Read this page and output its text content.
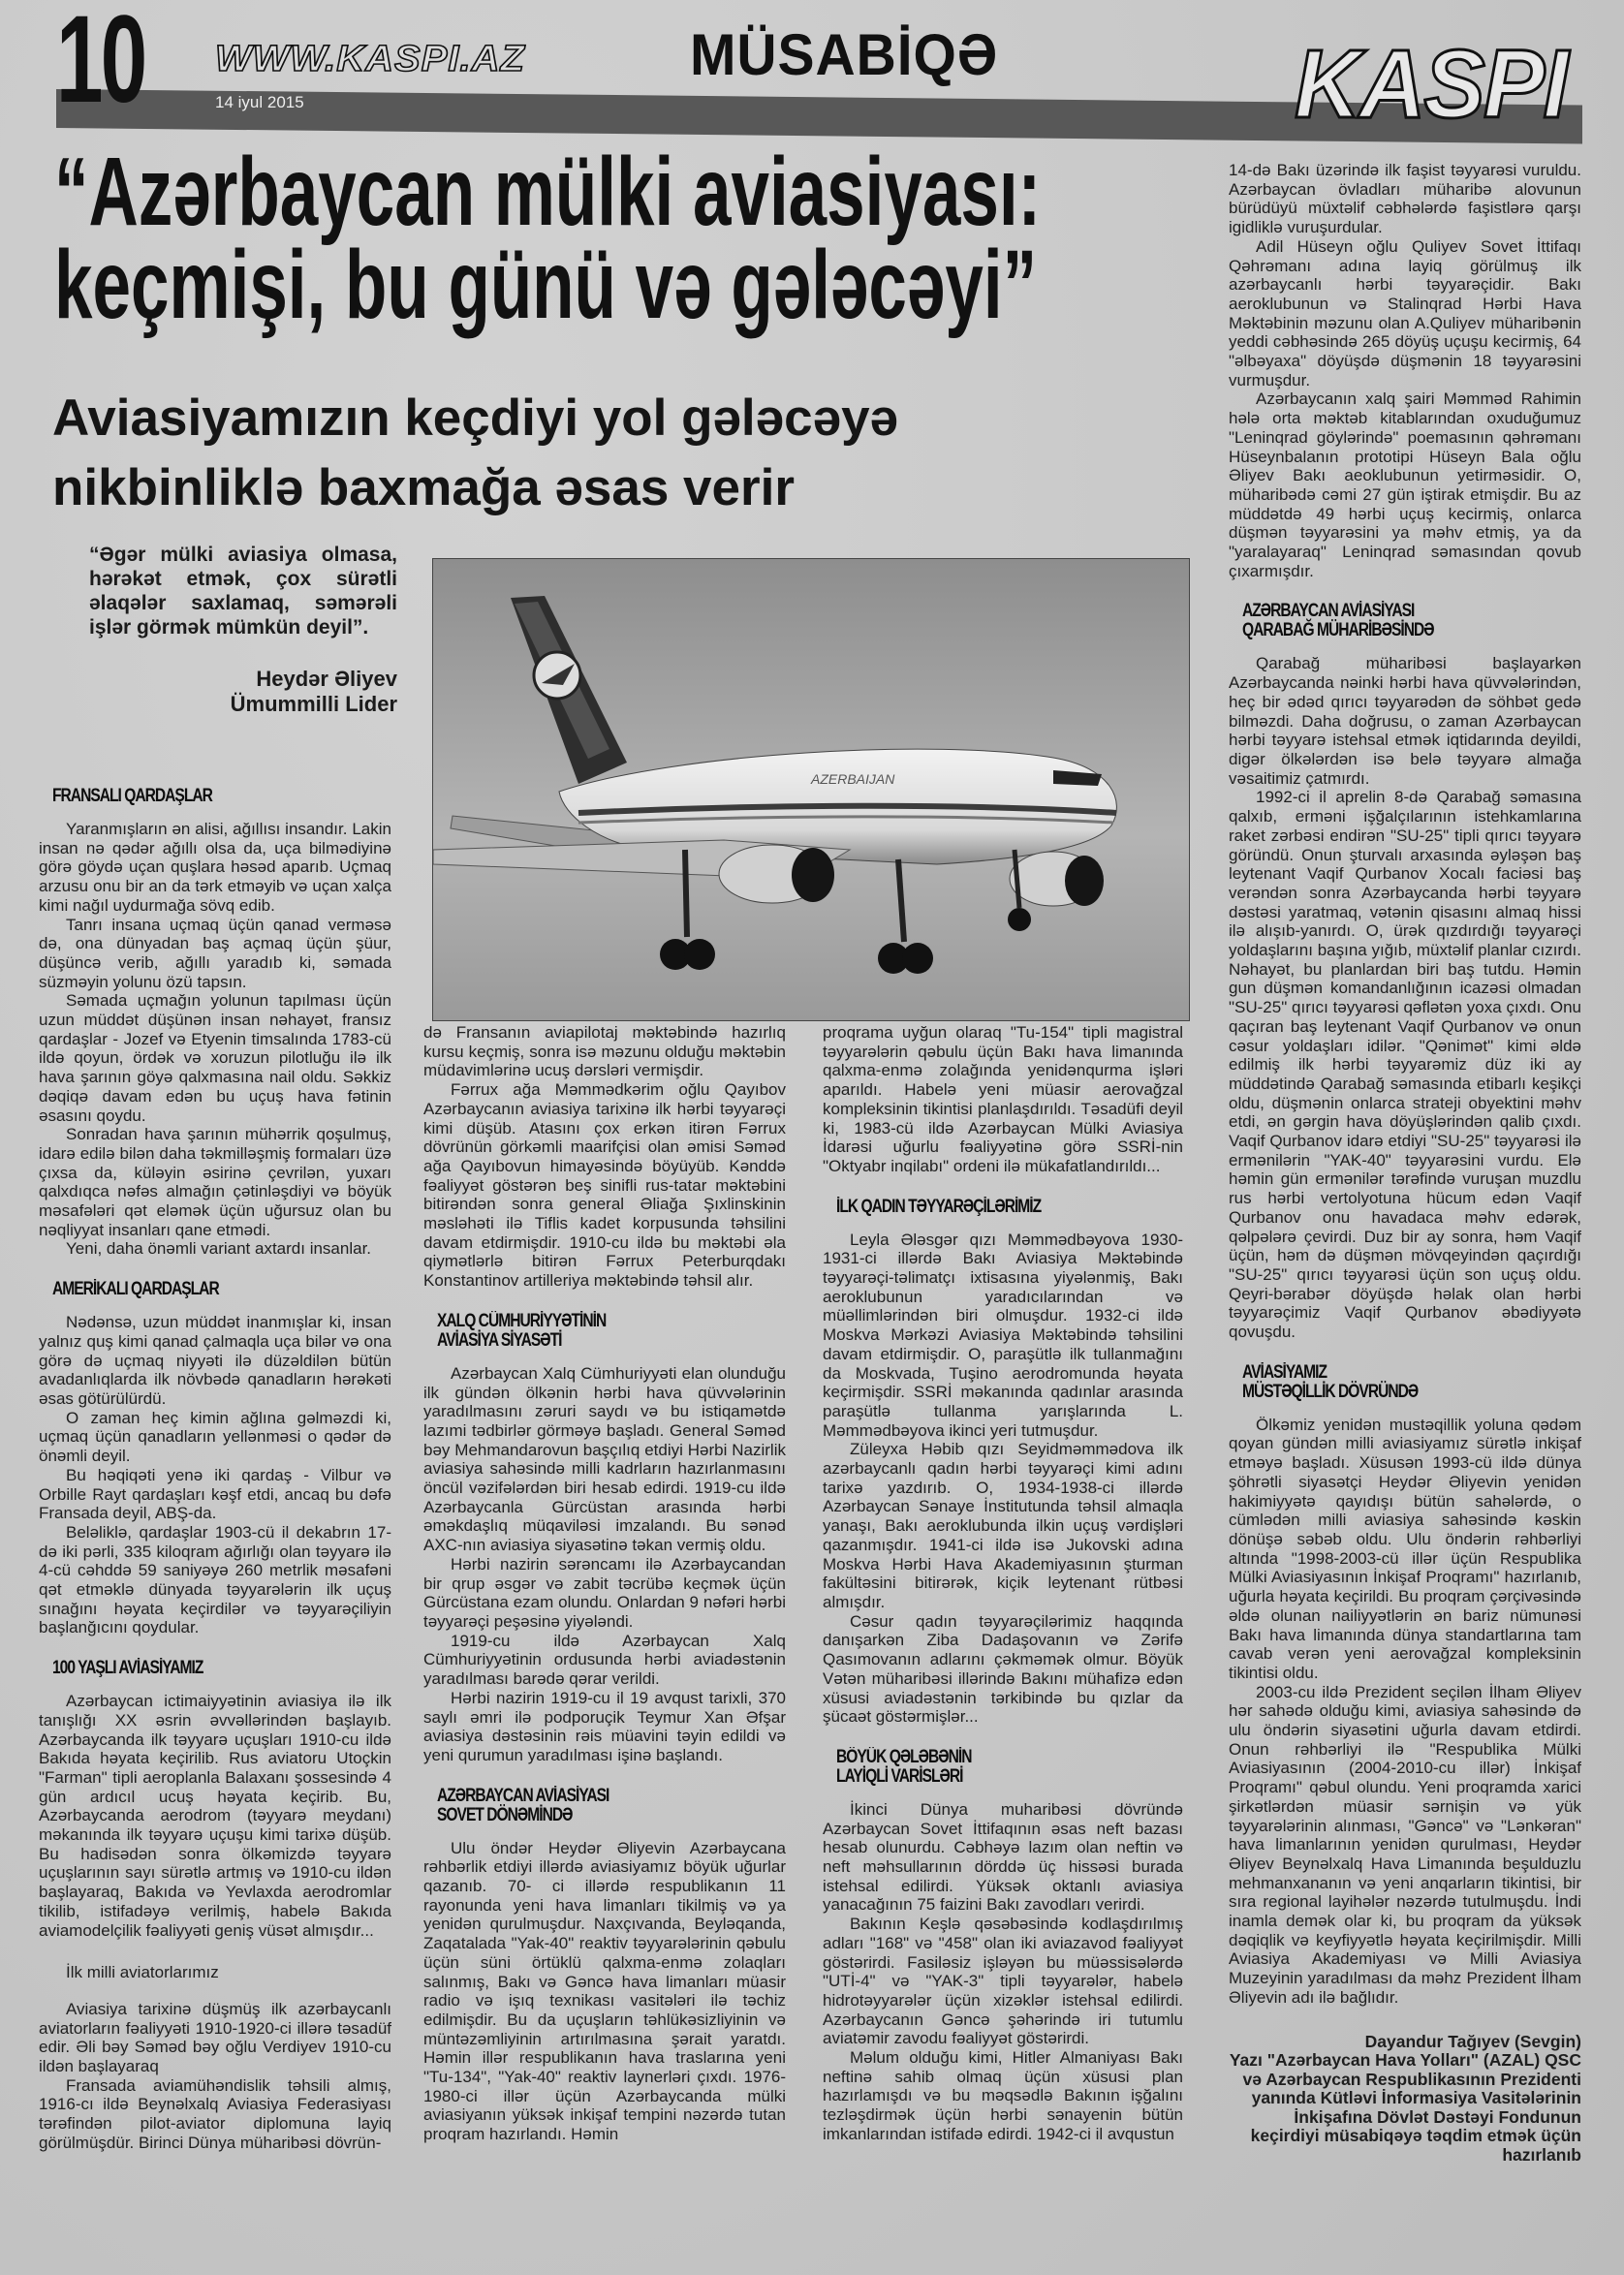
10 WWW.KASPI.AZ
14 iyul 2015
MÜSABİQƏ	KASPI
“Azərbaycan mülki aviasiyası:
keçmişi, bu günü və gələcəyi”
Aviasiyamızın keçdiyi yol gələcəyə
nikbinliklə baxmağa əsas verir
“Əgər mülki aviasiya olmasa, hərəkət etmək, çox sürətli əlaqələr saxlamaq, səmərəli işlər görmək mümkün deyil”.
Heydər Əliyev
Ümummilli Lider
AZERBAIJAN
FRANSALI QARDAŞLAR

Yaranmışların ən alisi, ağıllısı insandır. Lakin insan nə qədər ağıllı olsa da, uça bilmədiyinə görə göydə uçan quşlara həsəd aparıb. Uçmaq arzusu onu bir an da tərk etməyib və uçan xalça kimi nağıl uydurmağa sövq edib.

Tanrı insana uçmaq üçün qanad verməsə də, ona dünyadan baş açmaq üçün şüur, düşüncə verib, ağıllı yaradıb ki, səmada süzməyin yolunu özü tapsın.

Səmada uçmağın yolunun tapılması üçün uzun müddət düşünən insan nəhayət, fransız qardaşlar - Jozef və Etyenin timsalında 1783-cü ildə qoyun, ördək və xoruzun pilotluğu ilə ilk hava şarının göyə qalxmasına nail oldu. Səkkiz dəqiqə davam edən bu uçuş hava fətinin əsasını qoydu.

Sonradan hava şarının mühərrik qoşulmuş, idarə edilə bilən daha təkmilləşmiş formaları üzə çıxsa da, küləyin əsirinə çevrilən, yuxarı qalxdıqca nəfəs almağın çətinləşdiyi və böyük məsafələri qət eləmək üçün uğursuz olan bu nəqliyyat insanları qane etmədi.

Yeni, daha önəmli variant axtardı insanlar.

AMERİKALI QARDAŞLAR

Nədənsə, uzun müddət inanmışlar ki, insan yalnız quş kimi qanad çalmaqla uça bilər və ona görə də uçmaq niyyəti ilə düzəldilən bütün avadanlıqlarda ilk növbədə qanadların hərəkəti əsas götürülürdü.

O zaman heç kimin ağlına gəlməzdi ki, uçmaq üçün qanadların yellənməsi o qədər də önəmli deyil.

Bu həqiqəti yenə iki qardaş - Vilbur və Orbille Rayt qardaşları kəşf etdi, ancaq bu dəfə Fransada deyil, ABŞ-da.

Beləliklə, qardaşlar 1903-cü il dekabrın 17-də iki pərli, 335 kiloqram ağırlığı olan təyyarə ilə 4-cü cəhddə 59 saniyəyə 260 metrlik məsafəni qət etməklə dünyada təyyarələrin ilk uçuş sınağını həyata keçirdilər və təyyarəçiliyin başlanğıcını qoydular.

100 YAŞLI AVİASİYAMIZ

Azərbaycan ictimaiyyətinin aviasiya ilə ilk tanışlığı XX əsrin əvvəllərindən başlayıb. Azərbaycanda ilk təyyarə uçuşları 1910-cu ildə Bakıda həyata keçirilib. Rus aviatoru Utoçkin "Farman" tipli aeroplanla Balaxanı şossesində 4 gün ardıcıl ucuş həyata keçirib. Bu, Azərbaycanda aerodrom (təyyarə meydanı) məkanında ilk təyyarə uçuşu kimi tarixə düşüb. Bu hadisədən sonra ölkəmizdə təyyarə uçuşlarının sayı sürətlə artmış və 1910-cu ildən başlayaraq, Bakıda və Yevlaxda aerodromlar tikilib, istifadəyə verilmiş, habelə Bakıda aviamodelçilik fəaliyyəti geniş vüsət almışdır...

İlk milli aviatorlarımız

Aviasiya tarixinə düşmüş ilk azərbaycanlı aviatorların fəaliyyəti 1910-1920-ci illərə təsadüf edir. Əli bəy Səməd bəy oğlu Verdiyev 1910-cu ildən başlayaraq

Fransada aviamühəndislik təhsili almış, 1916-cı ildə Beynəlxalq Aviasiya Federasiyası tərəfindən pilot-aviator diplomuna layiq görülmüşdür. Birinci Dünya müharibəsi dövrün-

də Fransanın aviapilotaj məktəbində hazırlıq kursu keçmiş, sonra isə məzunu olduğu məktəbin müdavimlərinə ucuş dərsləri vermişdir.

Fərrux ağa Məmmədkərim oğlu Qayıbov Azərbaycanın aviasiya tarixinə ilk hərbi təyyarəçi kimi düşüb. Atasını çox erkən itirən Fərrux dövrünün görkəmli maarifçisi olan əmisi Səməd ağa Qayıbovun himayəsində böyüyüb. Kənddə fəaliyyət göstərən beş sinifli rus-tatar məktəbini bitirəndən sonra general Əliağa Şıxlinskinin məsləhəti ilə Tiflis kadet korpusunda təhsilini davam etdirmişdir. 1910-cu ildə bu məktəbi əla qiymətlərlə bitirən Fərrux Peterburqdakı Konstantinov artilleriya məktəbində təhsil alır.

XALQ CÜMHURİYYƏTİNİN
AVİASİYA SİYASƏTİ

Azərbaycan Xalq Cümhuriyyəti elan olunduğu ilk gündən ölkənin hərbi hava qüvvələrinin yaradılmasını zəruri saydı və bu istiqamətdə lazımi tədbirlər görməyə başladı. General Səməd bəy Mehmandarovun başçılıq etdiyi Hərbi Nazirlik aviasiya sahəsində milli kadrların hazırlanmasını öncül vəzifələrdən biri hesab edirdi. 1919-cu ildə Azərbaycanla Gürcüstan arasında hərbi əməkdaşlıq müqaviləsi imzalandı. Bu sənəd AXC-nın aviasiya siyasətinə təkan vermiş oldu.

Hərbi nazirin sərəncamı ilə Azərbaycandan bir qrup əsgər və zabit təcrübə keçmək üçün Gürcüstana ezam olundu. Onlardan 9 nəfəri hərbi təyyarəçi peşəsinə yiyələndi.

1919-cu ildə Azərbaycan Xalq Cümhuriyyətinin ordusunda hərbi aviadəstənin yaradılması barədə qərar verildi.

Hərbi nazirin 1919-cu il 19 avqust tarixli, 370 saylı əmri ilə podporuçik Teymur Xan Əfşar aviasiya dəstəsinin rəis müavini təyin edildi və yeni qurumun yaradılması işinə başlandı.

AZƏRBAYCAN AVİASİYASI
SOVET DÖNƏMİNDƏ

Ulu öndər Heydər Əliyevin Azərbaycana rəhbərlik etdiyi illərdə aviasiyamız böyük uğurlar qazanıb. 70- ci illərdə respublikanın 11 rayonunda yeni hava limanları tikilmiş və ya yenidən qurulmuşdur. Naxçıvanda, Beyləqanda, Zaqatalada "Yak-40" reaktiv təyyarələrinin qəbulu üçün süni örtüklü qalxma-enmə zolaqları salınmış, Bakı və Gəncə hava limanları müasir radio və işıq texnikası vasitələri ilə təchiz edilmişdir. Bu da uçuşların təhlükəsizliyinin və müntəzəmliyinin artırılmasına şərait yaratdı. Həmin illər respublikanın hava traslarına yeni "Tu-134", "Yak-40" reaktiv laynerləri çıxdı. 1976-1980-ci illər üçün Azərbaycanda mülki aviasiyanın yüksək inkişaf tempini nəzərdə tutan proqram hazırlandı. Həmin

proqrama uyğun olaraq "Tu-154" tipli magistral təyyarələrin qəbulu üçün Bakı hava limanında qalxma-enmə zolağında yenidənqurma işləri aparıldı. Habelə yeni müasir aerovağzal kompleksinin tikintisi planlaşdırıldı. Təsadüfi deyil ki, 1983-cü ildə Azərbaycan Mülki Aviasiya İdarəsi uğurlu fəaliyyətinə görə SSRİ-nin "Oktyabr inqilabı" ordeni ilə mükafatlandırıldı...

İLK QADIN TƏYYARƏÇİLƏRİMİZ

Leyla Ələsgər qızı Məmmədbəyova 1930-1931-ci illərdə Bakı Aviasiya Məktəbində təyyarəçi-təlimatçı ixtisasına yiyələnmiş, Bakı aeroklubunun yaradıcılarından və müəllimlərindən biri olmuşdur. 1932-ci ildə Moskva Mərkəzi Aviasiya Məktəbində təhsilini davam etdirmişdir. O, paraşütlə ilk tullanmağını da Moskvada, Tuşino aerodromunda həyata keçirmişdir. SSRİ məkanında qadınlar arasında paraşütlə tullanma yarışlarında L. Məmmədbəyova ikinci yeri tutmuşdur.

Züleyxa Həbib qızı Seyidməmmədova ilk azərbaycanlı qadın hərbi təyyarəçi kimi adını tarixə yazdırıb. O, 1934-1938-ci illərdə Azərbaycan Sənaye İnstitutunda təhsil almaqla yanaşı, Bakı aeroklubunda ilkin uçuş vərdişləri qazanmışdır. 1941-ci ildə isə Jukovski adına Moskva Hərbi Hava Akademiyasının şturman fakültəsini bitirərək, kiçik leytenant rütbəsi almışdır.

Cəsur qadın təyyarəçilərimiz haqqında danışarkən Ziba Dadaşovanın və Zərifə Qasımovanın adlarını çəkməmək olmur. Böyük Vətən müharibəsi illərində Bakını mühafizə edən xüsusi aviadəstənin tərkibində bu qızlar da şücaət göstərmişlər...

BÖYÜK QƏLƏBƏNİN
LAYİQLİ VARİSLƏRİ

İkinci Dünya muharibəsi dövründə Azərbaycan Sovet İttifaqının əsas neft bazası hesab olunurdu. Cəbhəyə lazım olan neftin və neft məhsullarının dörddə üç hissəsi burada istehsal edilirdi. Yüksək oktanlı aviasiya yanacağının 75 faizini Bakı zavodları verirdi.

Bakının Keşlə qəsəbəsində kodlaşdırılmış adları "168" və "458" olan iki aviazavod fəaliyyət göstərirdi. Fasiləsiz işləyən bu müəssisələrdə "UTİ-4" və "YAK-3" tipli təyyarələr, habelə hidrotəyyarələr üçün xizəklər istehsal edilirdi. Azərbaycanın Gəncə şəhərində iri tutumlu aviatəmir zavodu fəaliyyət göstərirdi.

Məlum olduğu kimi, Hitler Almaniyası Bakı neftinə sahib olmaq üçün xüsusi plan hazırlamışdı və bu məqsədlə Bakının işğalını tezləşdirmək üçün hərbi sənayenin bütün imkanlarından istifadə edirdi. 1942-ci il avqustun

14-də Bakı üzərində ilk faşist təyyarəsi vuruldu. Azərbaycan övladları müharibə alovunun bürüdüyü müxtəlif cəbhələrdə faşistlərə qarşı igidliklə vuruşurdular.

Adil Hüseyn oğlu Quliyev Sovet İttifaqı Qəhrəmanı adına layiq görülmuş ilk azərbaycanlı hərbi təyyarəçidir. Bakı aeroklubunun və Stalinqrad Hərbi Hava Məktəbinin məzunu olan A.Quliyev müharibənin yeddi cəbhəsində 265 döyüş uçuşu kecirmiş, 64 "əlbəyaxa" döyüşdə düşmənin 18 təyyarəsini vurmuşdur.

Azərbaycanın xalq şairi Məmməd Rahimin hələ orta məktəb kitablarından oxuduğumuz "Leninqrad göylərində" poemasının qəhrəmanı Hüseynbalanın prototipi Hüseyn Bala oğlu Əliyev Bakı aeoklubunun yetirməsidir. O, müharibədə cəmi 27 gün iştirak etmişdir. Bu az müddətdə 49 hərbi uçuş kecirmiş, onlarca düşmən təyyarəsini ya məhv etmiş, ya da "yaralayaraq" Leninqrad səmasından qovub çıxarmışdır.

AZƏRBAYCAN AVİASİYASI
QARABAĞ MÜHARİBƏSİNDƏ

Qarabağ müharibəsi başlayarkən Azərbaycanda nəinki hərbi hava qüvvələrindən, heç bir ədəd qırıcı təyyarədən də söhbət gedə bilməzdi. Daha doğrusu, o zaman Azərbaycan hərbi təyyarə istehsal etmək iqtidarında deyildi, digər ölkələrdən isə belə təyyarə almağa vəsaitimiz çatmırdı.

1992-ci il aprelin 8-də Qarabağ səmasına qalxıb, erməni işğalçılarının istehkamlarına raket zərbəsi endirən "SU-25" tipli qırıcı təyyarə göründü. Onun şturvalı arxasında əyləşən baş leytenant Vaqif Qurbanov Xocalı faciəsi baş verəndən sonra Azərbaycanda hərbi təyyarə dəstəsi yaratmaq, vətənin qisasını almaq hissi ilə alışıb-yanırdı. O, ürək qızdırdığı təyyarəçi yoldaşlarını başına yığıb, müxtəlif planlar cızırdı. Nəhayət, bu planlardan biri baş tutdu. Həmin gun düşmən komandanlığının icazəsi olmadan "SU-25" qırıcı təyyarəsi qəflətən yoxa çıxdı. Onu qaçıran baş leytenant Vaqif Qurbanov və onun cəsur yoldaşları idilər. "Qənimət" kimi əldə edilmiş ilk hərbi təyyarəmiz düz iki ay müddətində Qarabağ səmasında etibarlı keşikçi oldu, düşmənin onlarca strateji obyektini məhv etdi, ən gərgin hava döyüşlərindən qalib çıxdı. Vaqif Qurbanov idarə etdiyi "SU-25" təyyarəsi ilə ermənilərin "YAK-40" təyyarəsini vurdu. Elə həmin gün ermənilər tərəfində vuruşan muzdlu rus hərbi vertolyotuna hücum edən Vaqif Qurbanov onu havadaca məhv edərək, qəlpələrə çevirdi. Duz bir ay sonra, həm Vaqif üçün, həm də düşmən mövqeyindən qaçırdığı "SU-25" qırıcı təyyarəsi üçün son uçuş oldu. Qeyri-bərabər döyüşdə həlak olan hərbi təyyarəçimiz Vaqif Qurbanov əbədiyyətə qovuşdu.

AVİASİYAMIZ
MÜSTƏQİLLİK DÖVRÜNDƏ

Ölkəmiz yenidən mustəqillik yoluna qədəm qoyan gündən milli aviasiyamız sürətlə inkişaf etməyə başladı. Xüsusən 1993-cü ildə dünya şöhrətli siyasətçi Heydər Əliyevin yenidən hakimiyyətə qayıdışı bütün sahələrdə, o cümlədən milli aviasiya sahəsində kəskin dönüşə səbəb oldu. Ulu öndərin rəhbərliyi altında "1998-2003-cü illər üçün Respublika Mülki Aviasiyasının İnkişaf Proqramı" hazırlanıb, uğurla həyata keçirildi. Bu proqram çərçivəsində əldə olunan nailiyyətlərin ən bariz nümunəsi Bakı hava limanında dünya standartlarına tam cavab verən yeni aerovağzal kompleksinin tikintisi oldu.

2003-cu ildə Prezident seçilən İlham Əliyev hər sahədə olduğu kimi, aviasiya sahəsində də ulu öndərin siyasətini uğurla davam etdirdi. Onun rəhbərliyi ilə "Respublika Mülki Aviasiyasının (2004-2010-cu illər) İnkişaf Proqramı" qəbul olundu. Yeni proqramda xarici şirkətlərdən müasir sərnişin və yük təyyarələrinin alınması, "Gəncə" və "Lənkəran" hava limanlarının yenidən qurulması, Heydər Əliyev Beynəlxalq Hava Limanında beşulduzlu mehmanxananın və yeni anqarların tikintisi, bir sıra regional layihələr nəzərdə tutulmuşdu. İndi inamla demək olar ki, bu proqram da yüksək dəqiqlik və keyfiyyətlə həyata keçirilmişdir. Milli Aviasiya Akademiyası və Milli Aviasiya Muzeyinin yaradılması da məhz Prezident İlham Əliyevin adı ilə bağlıdır.

Dayandur Tağıyev (Sevgin)
Yazı "Azərbaycan Hava Yolları" (AZAL) QSC və Azərbaycan Respublikasının Prezidenti yanında Kütləvi İnformasiya Vasitələrinin İnkişafına Dövlət Dəstəyi Fondunun keçirdiyi müsabiqəyə təqdim etmək üçün hazırlanıb
